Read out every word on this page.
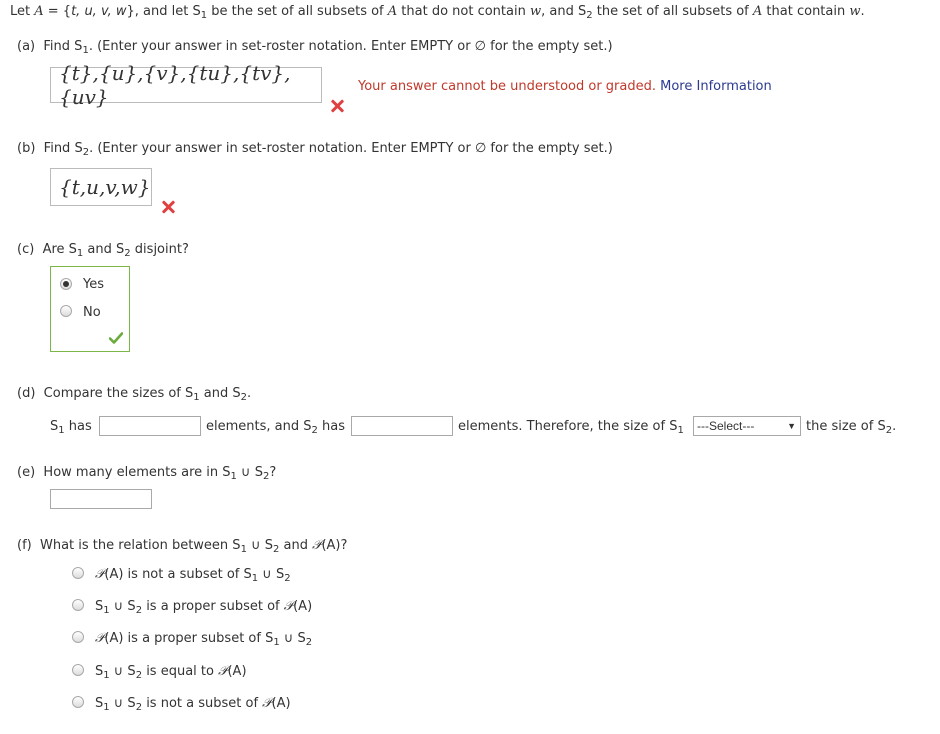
Let A = {t, u, v, w}, and let $S_1$ be the set of all subsets of A that do not contain w, and $S_2$ the set of all subsets of A that contain w.
(a) Find $S_1$. (Enter your answer in set-roster notation. Enter EMPTY or ∅ for the empty set.)
{t},{u},{v},{tu},{tv},{uv}	Your answer cannot be understood or graded. More Information
(b) Find $S_2$. (Enter your answer in set-roster notation. Enter EMPTY or ∅ for the empty set.)
{t,u,v,w}
(c) Are $S_1$ and $S_2$ disjoint?
Yes
No
(d) Compare the sizes of $S_1$ and $S_2$.
$S_1$ has	elements, and $S_2$ has	elements. Therefore, the size of $S_1$	---Select---	▼ the size of $S_2$.
(e) How many elements are in $S_1$ ∪ $S_2$?
(f) What is the relation between $S_1$ ∪ $S_2$ and 𝒫(A)?
𝒫(A) is not a subset of $S_1$ ∪ $S_2$
$S_1$ ∪ $S_2$ is a proper subset of 𝒫(A)
𝒫(A) is a proper subset of $S_1$ ∪ $S_2$
$S_1$ ∪ $S_2$ is equal to 𝒫(A)
$S_1$ ∪ $S_2$ is not a subset of 𝒫(A)
